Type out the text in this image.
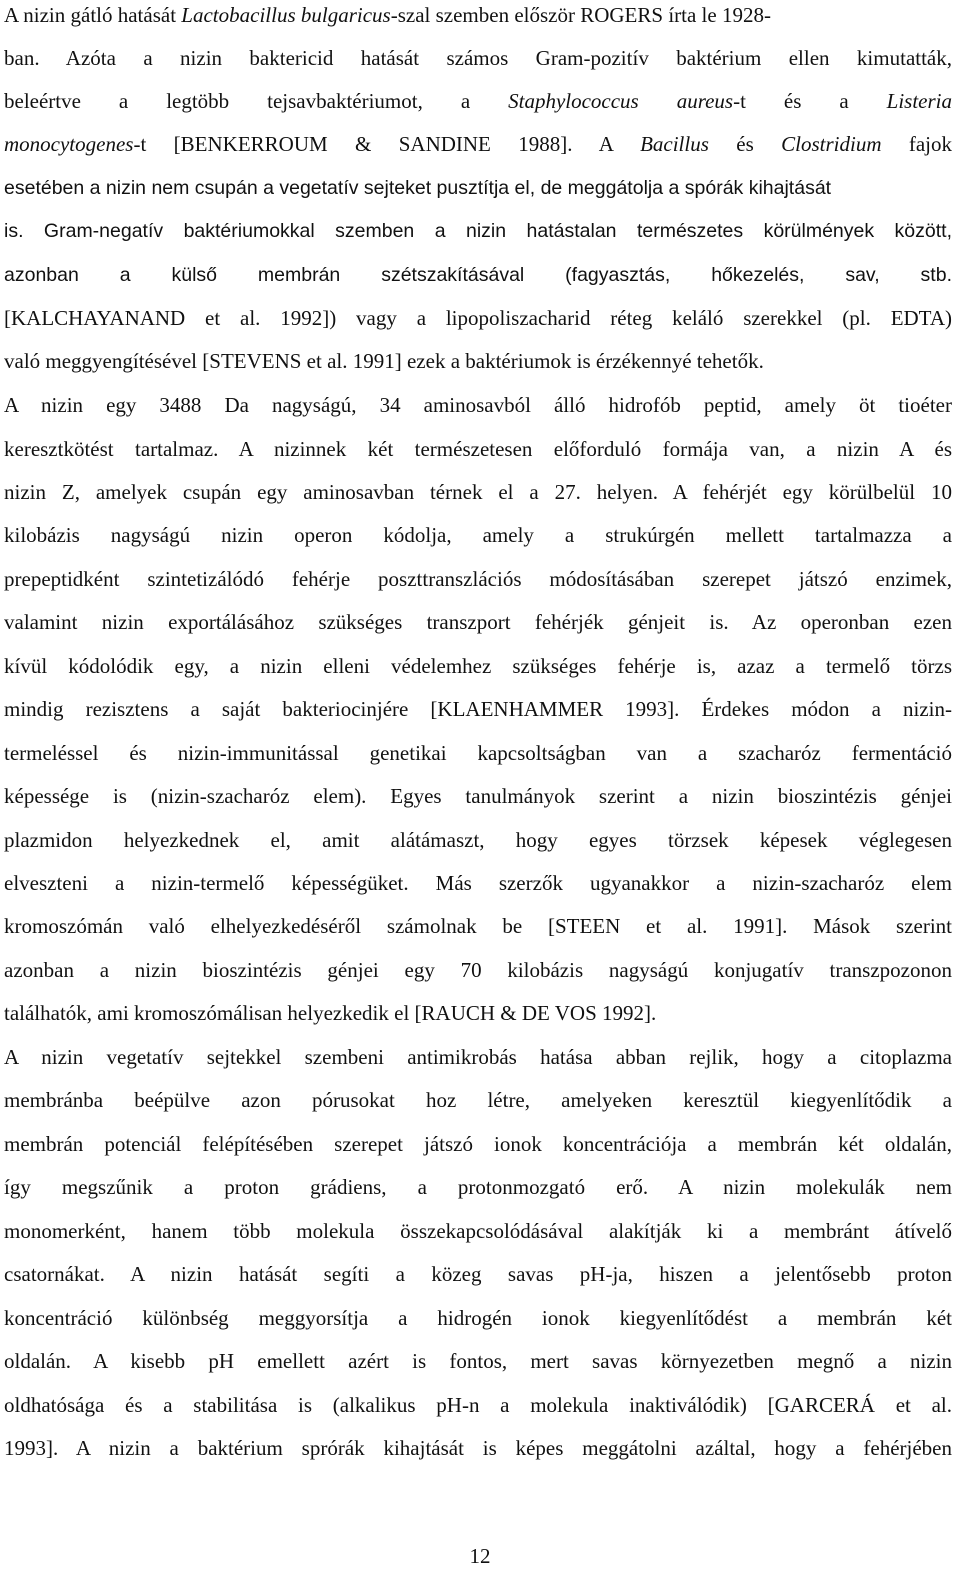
A nizin gátló hatását Lactobacillus bulgaricus-szal szemben először ROGERS írta le 1928-
ban. Azóta a nizin baktericid hatását számos Gram-pozitív baktérium ellen kimutatták,
beleértve a legtöbb tejsavbaktériumot, a Staphylococcus aureus-t és a Listeria
monocytogenes-t [BENKERROUM & SANDINE 1988]. A Bacillus és Clostridium fajok
esetében a nizin nem csupán a vegetatív sejteket pusztítja el, de meggátolja a spórák kihajtását
is. Gram-negatív baktériumokkal szemben a nizin hatástalan természetes körülmények között,
azonban a külső membrán szétszakításával (fagyasztás, hőkezelés, sav, stb.
[KALCHAYANAND et al. 1992]) vagy a lipopoliszacharid réteg keláló szerekkel (pl. EDTA)
való meggyengítésével [STEVENS et al. 1991] ezek a baktériumok is érzékennyé tehetők.
A nizin egy 3488 Da nagyságú, 34 aminosavból álló hidrofób peptid, amely öt tioéter
keresztkötést tartalmaz. A nizinnek két természetesen előforduló formája van, a nizin A és
nizin Z, amelyek csupán egy aminosavban térnek el a 27. helyen. A fehérjét egy körülbelül 10
kilobázis nagyságú nizin operon kódolja, amely a strukúrgén mellett tartalmazza a
prepeptidként szintetizálódó fehérje poszttranszlációs módosításában szerepet játszó enzimek,
valamint nizin exportálásához szükséges transzport fehérjék génjeit is. Az operonban ezen
kívül kódolódik egy, a nizin elleni védelemhez szükséges fehérje is, azaz a termelő törzs
mindig rezisztens a saját bakteriocinjére [KLAENHAMMER 1993]. Érdekes módon a nizin-
termeléssel és nizin-immunitással genetikai kapcsoltságban van a szacharóz fermentáció
képessége is (nizin-szacharóz elem). Egyes tanulmányok szerint a nizin bioszintézis génjei
plazmidon helyezkednek el, amit alátámaszt, hogy egyes törzsek képesek véglegesen
elveszteni a nizin-termelő képességüket. Más szerzők ugyanakkor a nizin-szacharóz elem
kromoszómán való elhelyezkedéséről számolnak be [STEEN et al. 1991]. Mások szerint
azonban a nizin bioszintézis génjei egy 70 kilobázis nagyságú konjugatív transzpozonon
találhatók, ami kromoszómálisan helyezkedik el [RAUCH & DE VOS 1992].
A nizin vegetatív sejtekkel szembeni antimikrobás hatása abban rejlik, hogy a citoplazma
membránba beépülve azon pórusokat hoz létre, amelyeken keresztül kiegyenlítődik a
membrán potenciál felépítésében szerepet játszó ionok koncentrációja a membrán két oldalán,
így megszűnik a proton grádiens, a protonmozgató erő. A nizin molekulák nem
monomerként, hanem több molekula összekapcsolódásával alakítják ki a membránt átívelő
csatornákat. A nizin hatását segíti a közeg savas pH-ja, hiszen a jelentősebb proton
koncentráció különbség meggyorsítja a hidrogén ionok kiegyenlítődést a membrán két
oldalán. A kisebb pH emellett azért is fontos, mert savas környezetben megnő a nizin
oldhatósága és a stabilitása is (alkalikus pH-n a molekula inaktiválódik) [GARCERÁ et al.
1993]. A nizin a baktérium sprórák kihajtását is képes meggátolni azáltal, hogy a fehérjében
12
